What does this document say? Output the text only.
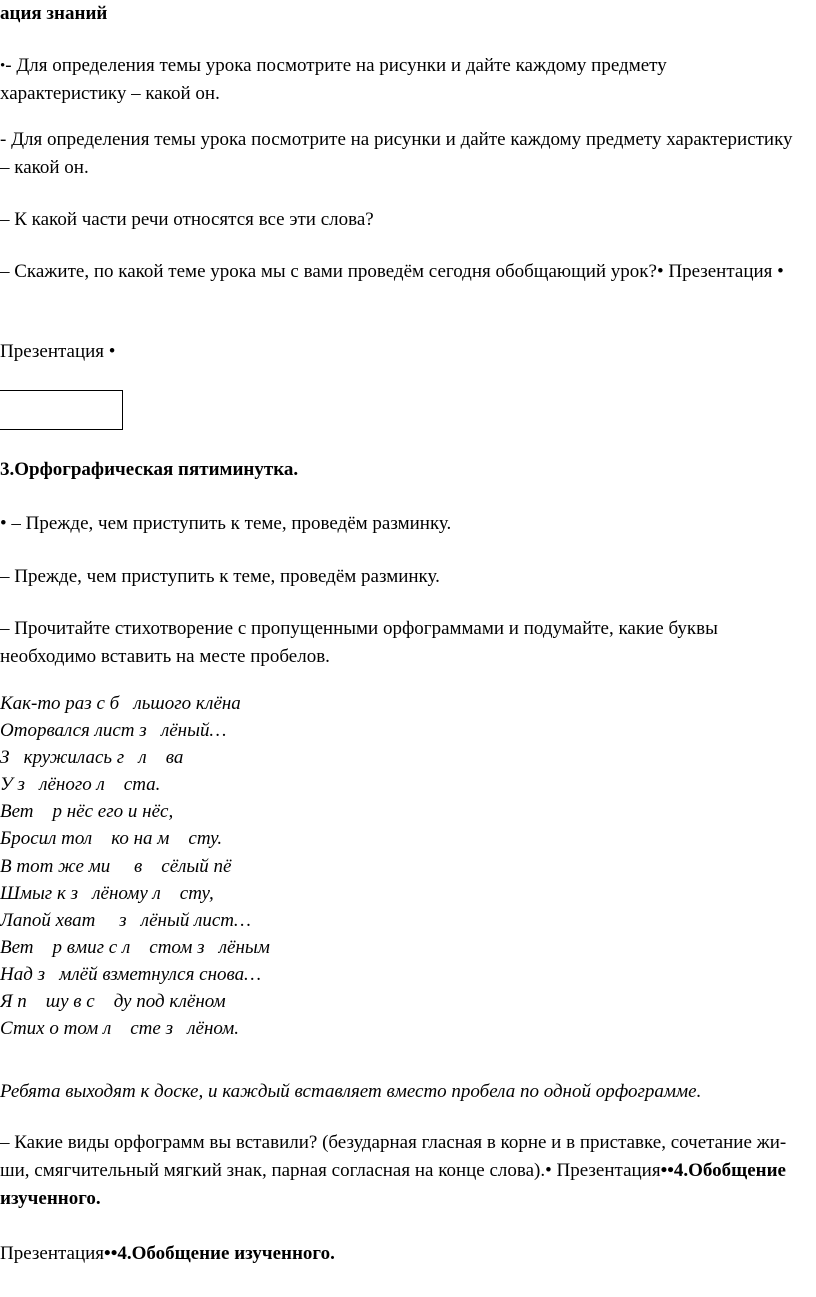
ация знаний

•- Для определения темы урока посмотрите на рисунки и дайте каждому предмету характеристику – какой он.

- Для определения темы урока посмотрите на рисунки и дайте каждому предмету характеристику – какой он.

– К какой части речи относятся все эти слова?

– Скажите, по какой теме урока мы с вами проведём сегодня обобщающий урок?• Презентация •

Презентация •

3.Орфографическая пятиминутка.

• – Прежде, чем приступить к теме, проведём разминку.

– Прежде, чем приступить к теме, проведём разминку.

– Прочитайте стихотворение с пропущенными орфограммами и подумайте, какие буквы необходимо вставить на месте пробелов.

Как-то раз с б   льшого клёна
Оторвался лист з   лёный…
З   кружилась г   л    ва
У з   лёного л    ста.
Вет    р нёс его и нёс,
Бросил тол    ко на м    сту.
В тот же ми     в    сёлый пё
Шмыг к з   лёному л    сту,
Лапой хват     з   лёный лист…
Вет    р вмиг с л    стом з   лёным
Над з   млёй взметнулся снова…
Я п    шу в с    ду под клёном
Стих о том л    сте з   лёном.

Ребята выходят к доске, и каждый вставляет вместо пробела по одной орфограмме.

– Какие виды орфограмм вы вставили? (безударная гласная в корне и в приставке, сочетание жи-ши, смягчительный мягкий знак, парная согласная на конце слова).• Презентация••4.Обобщение изученного.

Презентация••4.Обобщение изученного.
